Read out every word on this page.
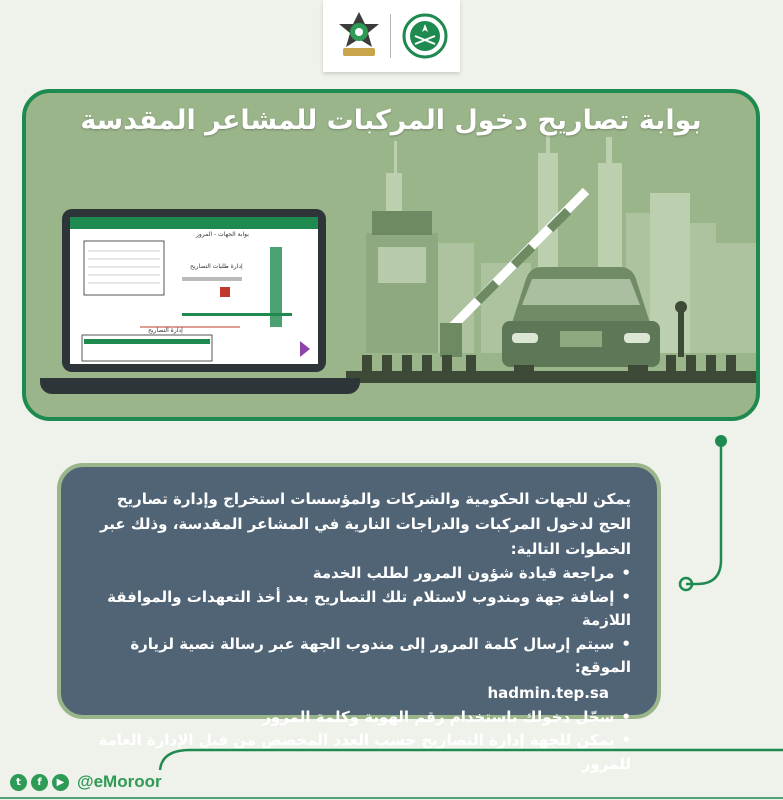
بوابة تصاريح دخول المركبات للمشاعر المقدسة
بوابة الجهات - المرور
إدارة طلبات التصاريح
إدارة التصاريح

يمكن للجهات الحكومية والشركات والمؤسسات استخراج وإدارة تصاريح الحج لدخول المركبات والدراجات النارية في المشاعر المقدسة، وذلك عبر الخطوات التالية:

• مراجعة قيادة شؤون المرور لطلب الخدمة
• إضافة جهة ومندوب لاستلام تلك التصاريح بعد أخذ التعهدات والموافقة اللازمة
• سيتم إرسال كلمة المرور إلى مندوب الجهة عبر رسالة نصية لزيارة الموقع:
hadmin.tep.sa
• سجّل دخولك باستخدام رقم الهوية وكلمة المرور
• يمكن للجهة إدارة التصاريح حسب العدد المخصص من قبل الإدارة العامة للمرور
t	f	▶ @eMoroor
